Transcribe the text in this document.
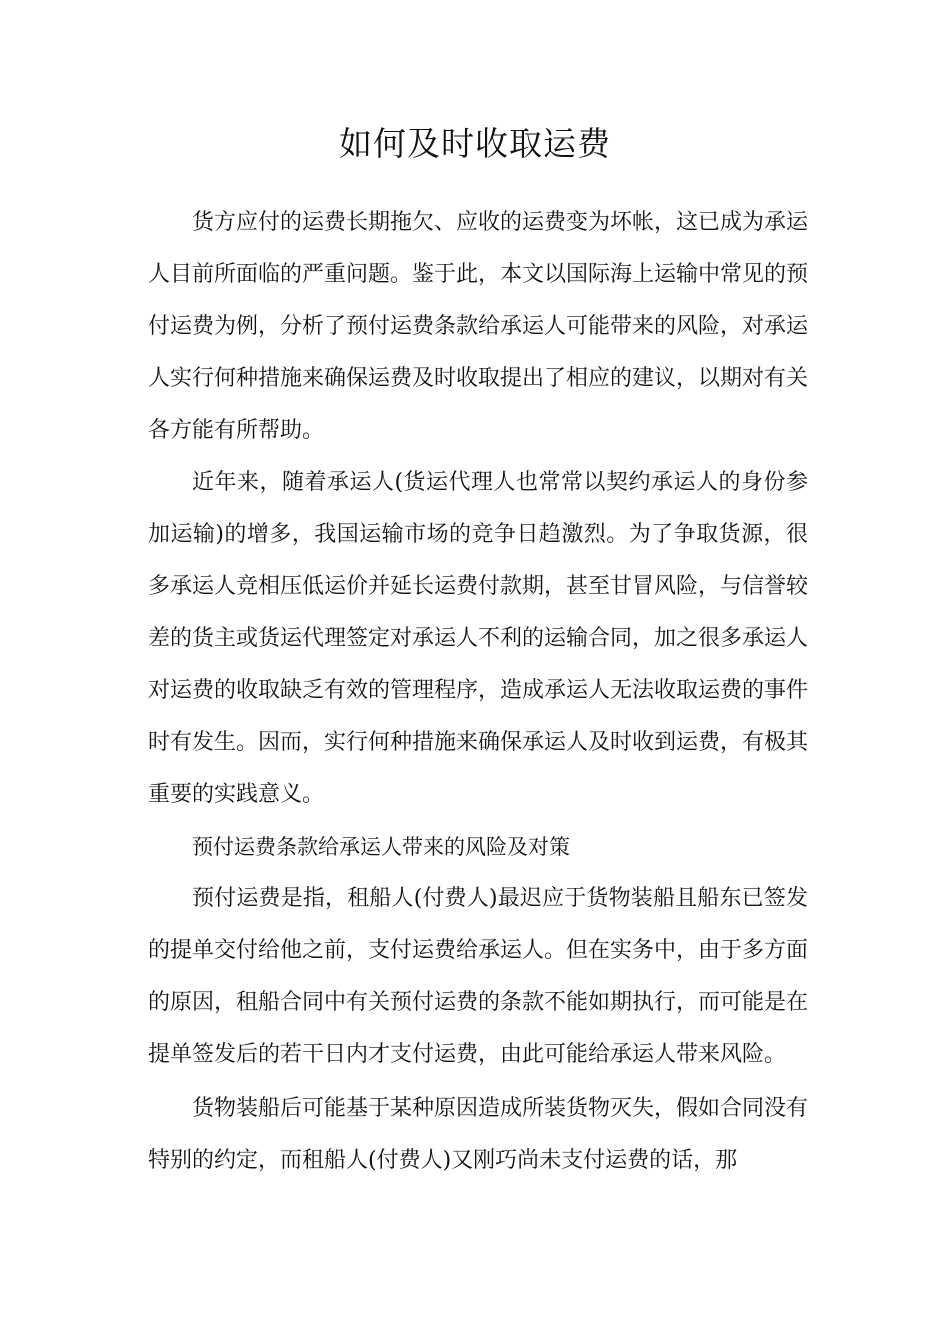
如何及时收取运费

货方应付的运费长期拖欠、应收的运费变为坏帐，这已成为承运人目前所面临的严重问题。鉴于此，本文以国际海上运输中常见的预付运费为例，分析了预付运费条款给承运人可能带来的风险，对承运人实行何种措施来确保运费及时收取提出了相应的建议，以期对有关各方能有所帮助。

近年来，随着承运人(货运代理人也常常以契约承运人的身份参加运输)的增多，我国运输市场的竞争日趋激烈。为了争取货源，很多承运人竞相压低运价并延长运费付款期，甚至甘冒风险，与信誉较差的货主或货运代理签定对承运人不利的运输合同，加之很多承运人对运费的收取缺乏有效的管理程序，造成承运人无法收取运费的事件时有发生。因而，实行何种措施来确保承运人及时收到运费，有极其重要的实践意义。

预付运费条款给承运人带来的风险及对策

预付运费是指，租船人(付费人)最迟应于货物装船且船东已签发的提单交付给他之前，支付运费给承运人。但在实务中，由于多方面的原因，租船合同中有关预付运费的条款不能如期执行，而可能是在提单签发后的若干日内才支付运费，由此可能给承运人带来风险。

货物装船后可能基于某种原因造成所装货物灭失，假如合同没有特别的约定，而租船人(付费人)又刚巧尚未支付运费的话，那
